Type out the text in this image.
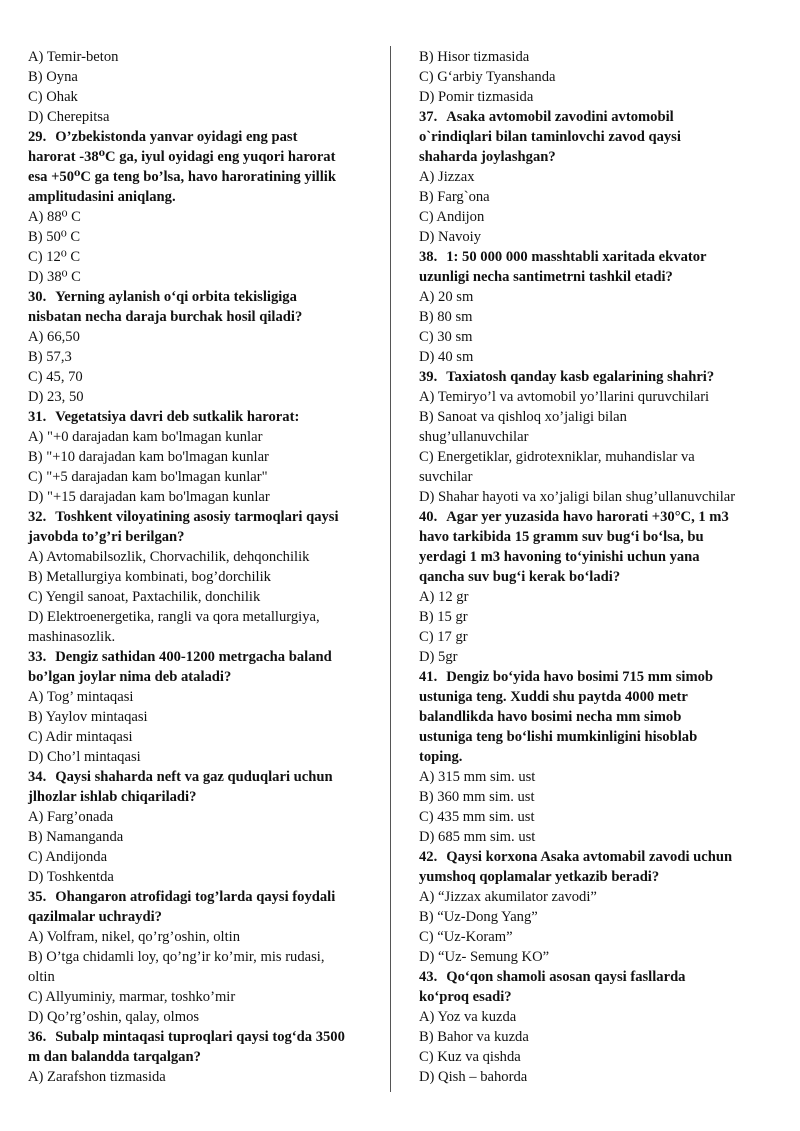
A) Temir-beton
B) Oyna
C) Ohak
D) Cherepitsa
29. O’zbekistonda yanvar oyidagi eng past
harorat -38⁰C ga, iyul oyidagi eng yuqori harorat
esa +50⁰C ga teng bo’lsa, havo haroratining yillik
amplitudasini aniqlang.
A) 88⁰ C
B) 50⁰ C
C) 12⁰ C
D) 38⁰ C
30. Yerning aylanish o‘qi orbita tekisligiga
nisbatan necha daraja burchak hosil qiladi?
A) 66,50
B) 57,3
C) 45, 70
D) 23, 50
31. Vegetatsiya davri deb sutkalik harorat:
A) "+0 darajadan kam bo'lmagan kunlar
B) "+10 darajadan kam bo'lmagan kunlar
C) "+5 darajadan kam bo'lmagan kunlar"
D) "+15 darajadan kam bo'lmagan kunlar
32. Toshkent viloyatining asosiy tarmoqlari qaysi
javobda to’g’ri berilgan?
A) Avtomabilsozlik, Chorvachilik, dehqonchilik
B) Metallurgiya kombinati, bog’dorchilik
C) Yengil sanoat, Paxtachilik, donchilik
D) Elektroenergetika, rangli va qora metallurgiya,
mashinasozlik.
33. Dengiz sathidan 400-1200 metrgacha baland
bo’lgan joylar nima deb ataladi?
A) Tog’ mintaqasi
B) Yaylov mintaqasi
C) Adir mintaqasi
D) Cho’l mintaqasi
34. Qaysi shaharda neft va gaz quduqlari uchun
jlhozlar ishlab chiqariladi?
A) Farg’onada
B) Namanganda
C) Andijonda
D) Toshkentda
35. Ohangaron atrofidagi tog’larda qaysi foydali
qazilmalar uchraydi?
A) Volfram, nikel, qo’rg’oshin, oltin
B) O’tga chidamli loy, qo’ng’ir ko’mir, mis rudasi,
oltin
C) Allyuminiy, marmar, toshko’mir
D) Qo’rg’oshin, qalay, olmos
36. Subalp mintaqasi tuproqlari qaysi tog‘da 3500
m dan balandda tarqalgan?
A) Zarafshon tizmasida
B) Hisor tizmasida
C) G‘arbiy Tyanshanda
D) Pomir tizmasida
37. Asaka avtomobil zavodini avtomobil
o`rindiqlari bilan taminlovchi zavod qaysi
shaharda joylashgan?
A) Jizzax
B) Farg`ona
C) Andijon
D) Navoiy
38. 1: 50 000 000 masshtabli xaritada ekvator
uzunligi necha santimetrni tashkil etadi?
A) 20 sm
B) 80 sm
C) 30 sm
D) 40 sm
39. Taxiatosh qanday kasb egalarining shahri?
A) Temiryo’l va avtomobil yo’llarini quruvchilari
B) Sanoat va qishloq xo’jaligi bilan
shug’ullanuvchilar
C) Energetiklar, gidrotexniklar, muhandislar va
suvchilar
D) Shahar hayoti va xo’jaligi bilan shug’ullanuvchilar
40. Agar yer yuzasida havo harorati +30°C, 1 m3
havo tarkibida 15 gramm suv bug‘i bo‘lsa, bu
yerdagi 1 m3 havoning to‘yinishi uchun yana
qancha suv bug‘i kerak bo‘ladi?
A) 12 gr
B) 15 gr
C) 17 gr
D) 5gr
41. Dengiz bo‘yida havo bosimi 715 mm simob
ustuniga teng. Xuddi shu paytda 4000 metr
balandlikda havo bosimi necha mm simob
ustuniga teng bo‘lishi mumkinligini hisoblab
toping.
A) 315 mm sim. ust
B) 360 mm sim. ust
C) 435 mm sim. ust
D) 685 mm sim. ust
42. Qaysi korxona Asaka avtomabil zavodi uchun
yumshoq qoplamalar yetkazib beradi?
A) “Jizzax akumilator zavodi”
B) “Uz-Dong Yang”
C) “Uz-Koram”
D) “Uz- Semung KO”
43. Qo‘qon shamoli asosan qaysi fasllarda
ko‘proq esadi?
A) Yoz va kuzda
B) Bahor va kuzda
C) Kuz va qishda
D) Qish – bahorda
